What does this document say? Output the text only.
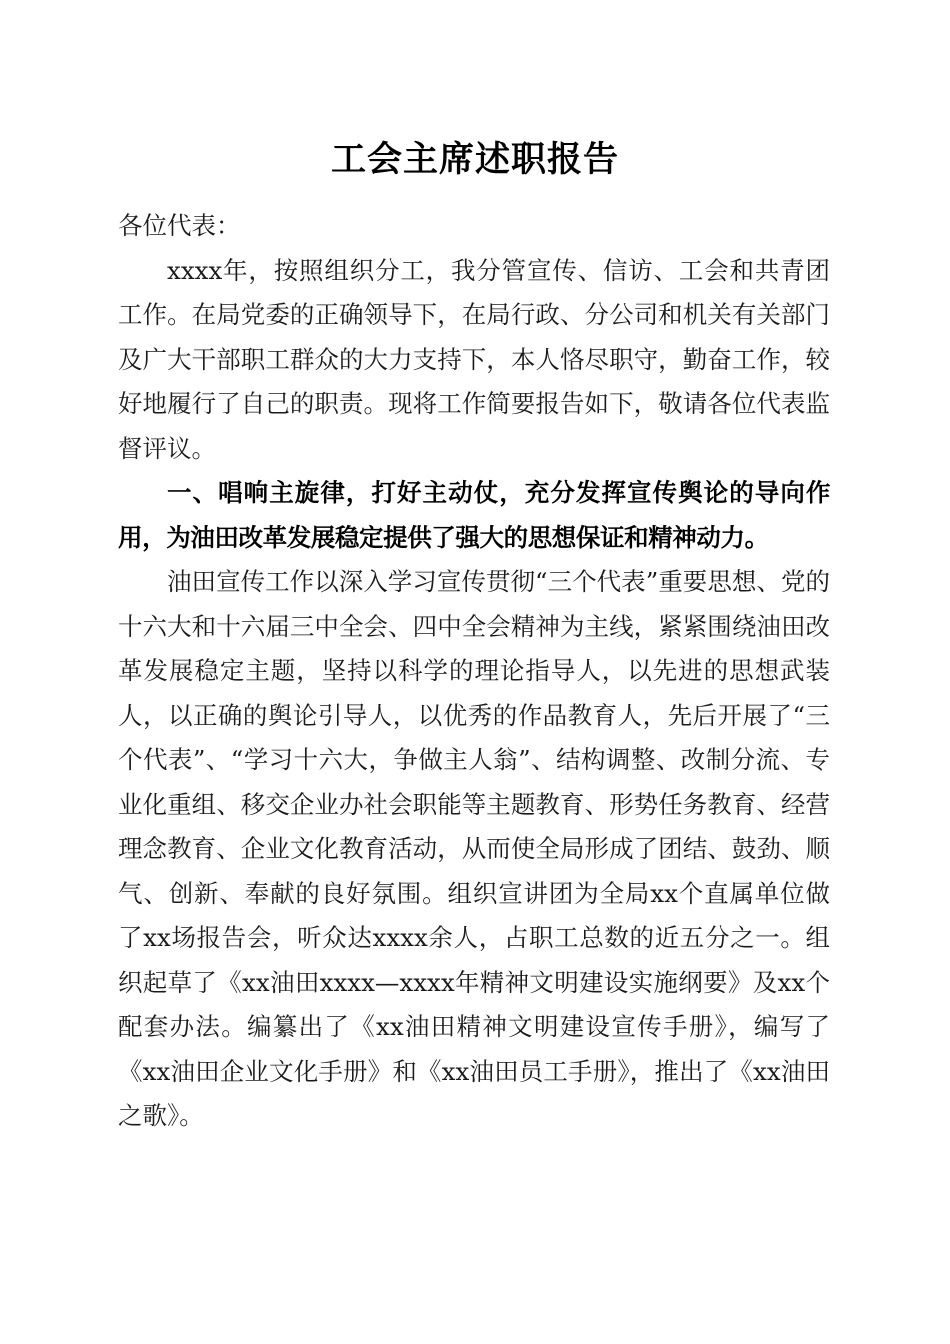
工会主席述职报告

各位代表：

xxxx年，按照组织分工，我分管宣传、信访、工会和共青团工作。在局党委的正确领导下，在局行政、分公司和机关有关部门及广大干部职工群众的大力支持下，本人恪尽职守，勤奋工作，较好地履行了自己的职责。现将工作简要报告如下，敬请各位代表监督评议。

一、唱响主旋律，打好主动仗，充分发挥宣传舆论的导向作用，为油田改革发展稳定提供了强大的思想保证和精神动力。

油田宣传工作以深入学习宣传贯彻“三个代表”重要思想、党的十六大和十六届三中全会、四中全会精神为主线，紧紧围绕油田改革发展稳定主题，坚持以科学的理论指导人，以先进的思想武装人，以正确的舆论引导人，以优秀的作品教育人，先后开展了“三个代表”、“学习十六大，争做主人翁”、结构调整、改制分流、专业化重组、移交企业办社会职能等主题教育、形势任务教育、经营理念教育、企业文化教育活动，从而使全局形成了团结、鼓劲、顺气、创新、奉献的良好氛围。组织宣讲团为全局xx个直属单位做了xx场报告会，听众达xxxx余人，占职工总数的近五分之一。组织起草了《xx油田xxxx—xxxx年精神文明建设实施纲要》及xx个配套办法。编纂出了《xx油田精神文明建设宣传手册》，编写了《xx油田企业文化手册》和《xx油田员工手册》，推出了《xx油田之歌》。
